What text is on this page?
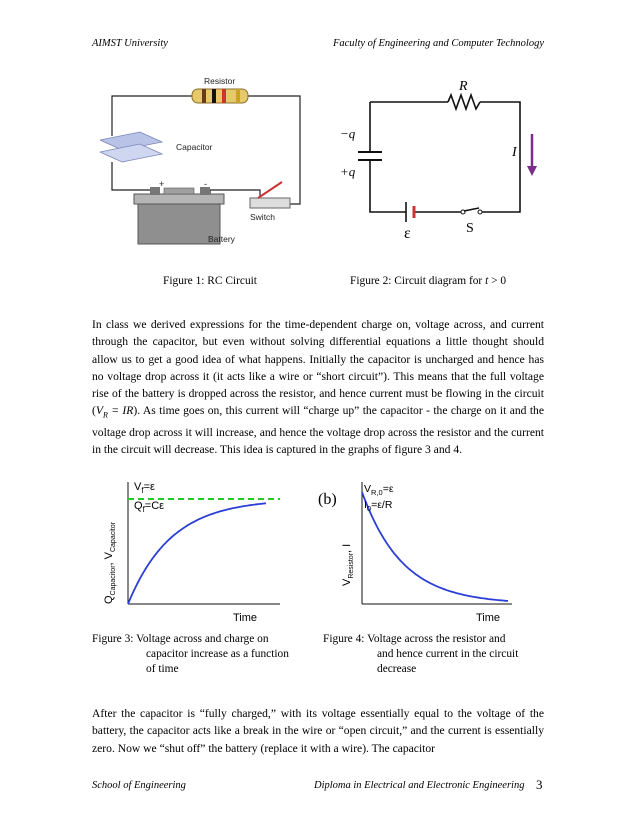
AIMST University	Faculty of Engineering and Computer Technology
Resistor
Capacitor
+	-
Battery
Switch
R
−q
+q
I
ε	S
Figure 1: RC Circuit	Figure 2: Circuit diagram for t > 0

In class we derived expressions for the time-dependent charge on, voltage across, and current through the capacitor, but even without solving differential equations a little thought should allow us to get a good idea of what happens. Initially the capacitor is uncharged and hence has no voltage drop across it (it acts like a wire or “short circuit”). This means that the full voltage rise of the battery is dropped across the resistor, and hence current must be flowing in the circuit $(V_R = IR)$. As time goes on, this current will “charge up” the capacitor - the charge on it and the voltage drop across it will increase, and hence the voltage drop across the resistor and the current in the circuit will decrease. This idea is captured in the graphs of figure 3 and 4.

$V_f=\varepsilon$
$Q_f=C\varepsilon$
$Q_{Capacitor}$, $V_{Capacitor}$
Time
(b)
$V_{R,0}=\varepsilon$
$I_0=\varepsilon/R$
$V_{Resistor}$, I
Time
Figure 3: Voltage across and charge on
capacitor increase as a function
of time
Figure 4: Voltage across the resistor and
and hence current in the circuit
decrease

After the capacitor is “fully charged,” with its voltage essentially equal to the voltage of the battery, the capacitor acts like a break in the wire or “open circuit,” and the current is essentially zero. Now we “shut off” the battery (replace it with a wire). The capacitor

School of Engineering	Diploma in Electrical and Electronic Engineering 3
